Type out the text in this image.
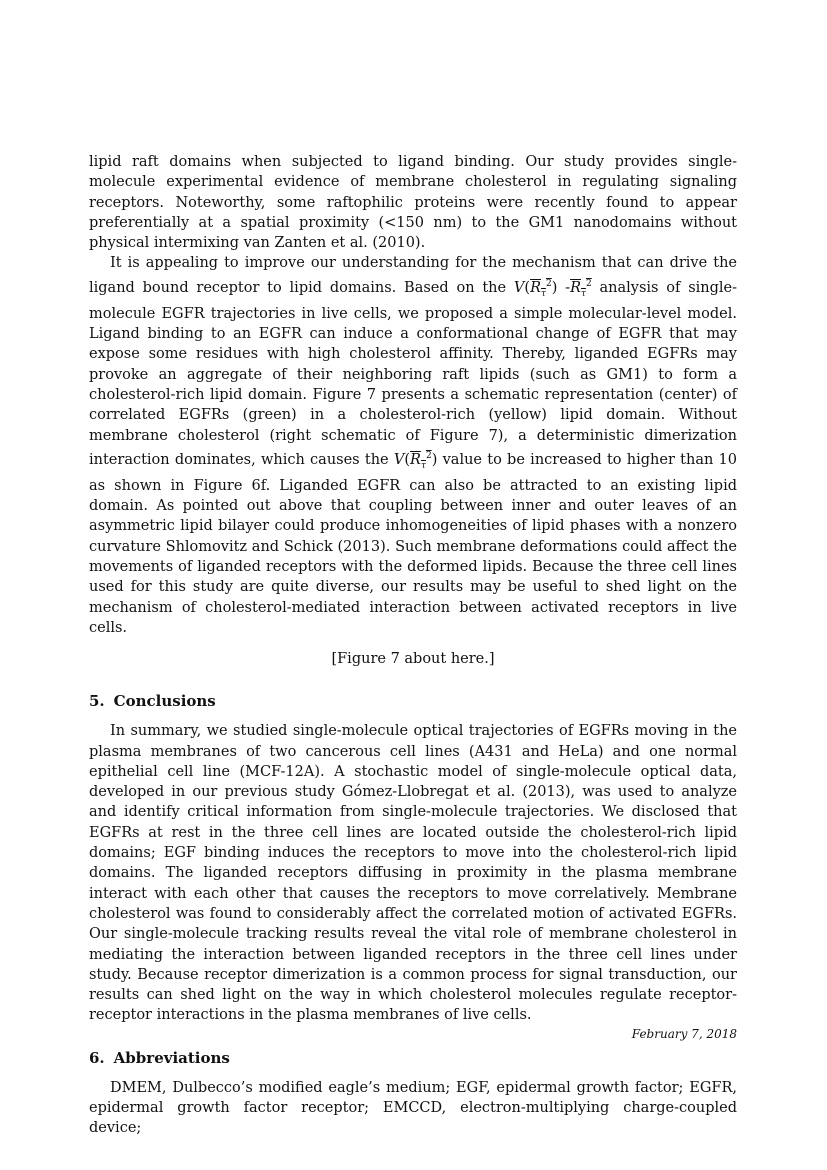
lipid raft domains when subjected to ligand binding. Our study provides single-molecule experimental evidence of membrane cholesterol in regulating signaling receptors. Noteworthy, some raftophilic proteins were recently found to appear preferentially at a spatial proximity (<150 nm) to the GM1 nanodomains without physical intermixing van Zanten et al. (2010).

It is appealing to improve our understanding for the mechanism that can drive the ligand bound receptor to lipid domains. Based on the $V(R_\tau^2)$ $-R_\tau^2$ analysis of single-molecule EGFR trajectories in live cells, we proposed a simple molecular-level model. Ligand binding to an EGFR can induce a conformational change of EGFR that may expose some residues with high cholesterol affinity. Thereby, liganded EGFRs may provoke an aggregate of their neighboring raft lipids (such as GM1) to form a cholesterol-rich lipid domain. Figure 7 presents a schematic representation (center) of correlated EGFRs (green) in a cholesterol-rich (yellow) lipid domain. Without membrane cholesterol (right schematic of Figure 7), a deterministic dimerization interaction dominates, which causes the $V(R_\tau^2)$ value to be increased to higher than 10 as shown in Figure 6f. Liganded EGFR can also be attracted to an existing lipid domain. As pointed out above that coupling between inner and outer leaves of an asymmetric lipid bilayer could produce inhomogeneities of lipid phases with a nonzero curvature Shlomovitz and Schick (2013). Such membrane deformations could affect the movements of liganded receptors with the deformed lipids. Because the three cell lines used for this study are quite diverse, our results may be useful to shed light on the mechanism of cholesterol-mediated interaction between activated receptors in live cells.

[Figure 7 about here.]
5. Conclusions

In summary, we studied single-molecule optical trajectories of EGFRs moving in the plasma membranes of two cancerous cell lines (A431 and HeLa) and one normal epithelial cell line (MCF-12A). A stochastic model of single-molecule optical data, developed in our previous study Gómez-Llobregat et al. (2013), was used to analyze and identify critical information from single-molecule trajectories. We disclosed that EGFRs at rest in the three cell lines are located outside the cholesterol-rich lipid domains; EGF binding induces the receptors to move into the cholesterol-rich lipid domains. The liganded receptors diffusing in proximity in the plasma membrane interact with each other that causes the receptors to move correlatively. Membrane cholesterol was found to considerably affect the correlated motion of activated EGFRs. Our single-molecule tracking results reveal the vital role of membrane cholesterol in mediating the interaction between liganded receptors in the three cell lines under study. Because receptor dimerization is a common process for signal transduction, our results can shed light on the way in which cholesterol molecules regulate receptor-receptor interactions in the plasma membranes of live cells.

6. Abbreviations

DMEM, Dulbecco’s modified eagle’s medium; EGF, epidermal growth factor; EGFR, epidermal growth factor receptor; EMCCD, electron-multiplying charge-coupled device;

February 7, 2018
